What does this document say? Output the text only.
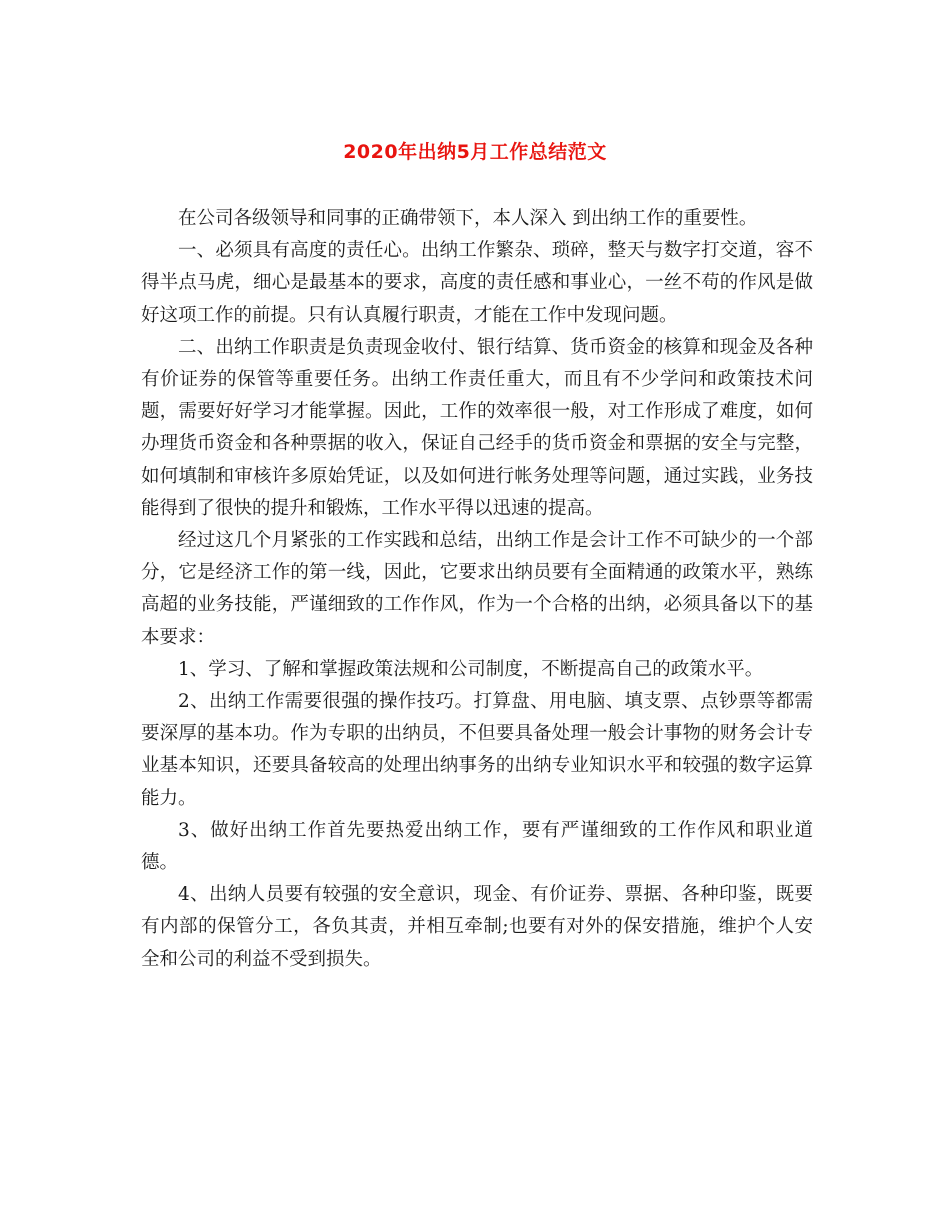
2020年出纳5月工作总结范文

在公司各级领导和同事的正确带领下，本人深入 到出纳工作的重要性。

一、必须具有高度的责任心。出纳工作繁杂、琐碎，整天与数字打交道，容不得半点马虎，细心是最基本的要求，高度的责任感和事业心，一丝不苟的作风是做好这项工作的前提。只有认真履行职责，才能在工作中发现问题。

二、出纳工作职责是负责现金收付、银行结算、货币资金的核算和现金及各种有价证券的保管等重要任务。出纳工作责任重大，而且有不少学问和政策技术问题，需要好好学习才能掌握。因此，工作的效率很一般，对工作形成了难度，如何办理货币资金和各种票据的收入，保证自己经手的货币资金和票据的安全与完整，如何填制和审核许多原始凭证，以及如何进行帐务处理等问题，通过实践，业务技能得到了很快的提升和锻炼，工作水平得以迅速的提高。

经过这几个月紧张的工作实践和总结，出纳工作是会计工作不可缺少的一个部分，它是经济工作的第一线，因此，它要求出纳员要有全面精通的政策水平，熟练高超的业务技能，严谨细致的工作作风，作为一个合格的出纳，必须具备以下的基本要求：

1、学习、了解和掌握政策法规和公司制度，不断提高自己的政策水平。

2、出纳工作需要很强的操作技巧。打算盘、用电脑、填支票、点钞票等都需要深厚的基本功。作为专职的出纳员，不但要具备处理一般会计事物的财务会计专业基本知识，还要具备较高的处理出纳事务的出纳专业知识水平和较强的数字运算能力。

3、做好出纳工作首先要热爱出纳工作，要有严谨细致的工作作风和职业道德。

4、出纳人员要有较强的安全意识，现金、有价证券、票据、各种印鉴，既要有内部的保管分工，各负其责，并相互牵制;也要有对外的保安措施，维护个人安全和公司的利益不受到损失。
